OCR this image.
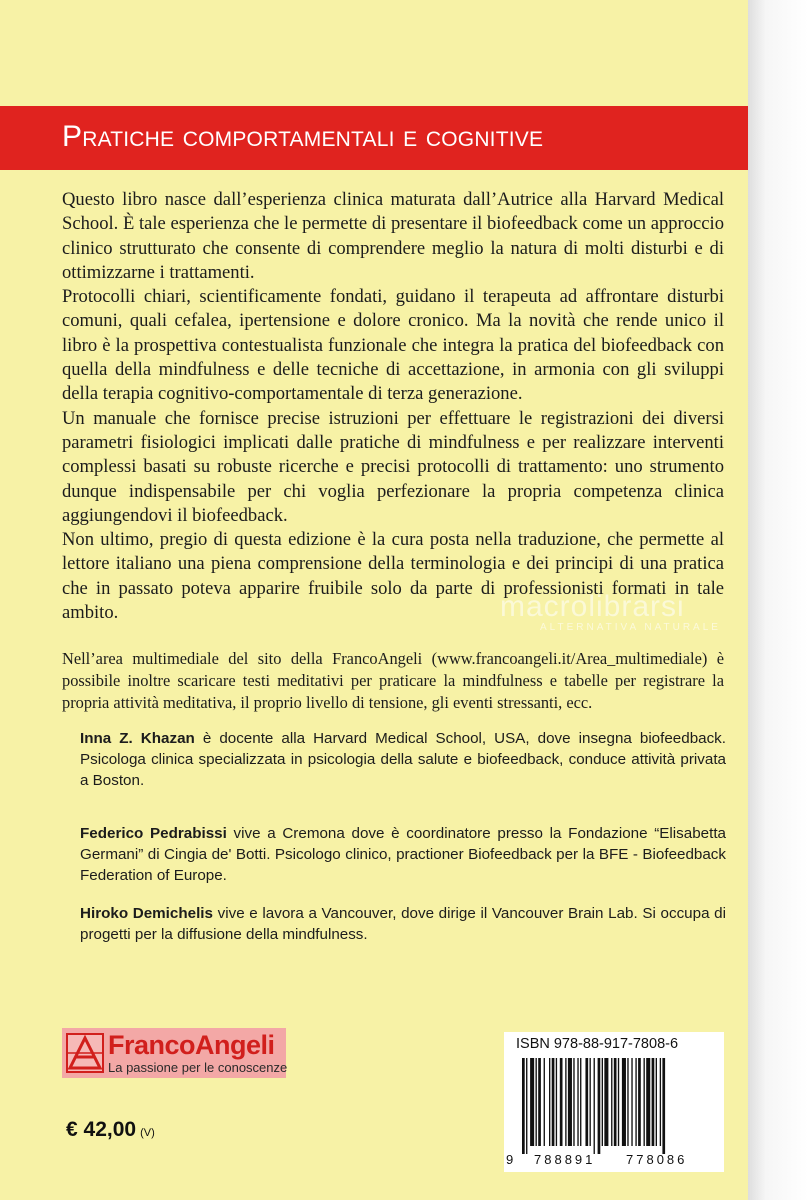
Pratiche comportamentali e cognitive

Questo libro nasce dall’esperienza clinica maturata dall’Autrice alla Harvard Medical School. È tale esperienza che le permette di presentare il biofeedback come un approccio clinico strutturato che consente di comprendere meglio la natura di molti disturbi e di ottimizzarne i trattamenti.

Protocolli chiari, scientificamente fondati, guidano il terapeuta ad affrontare disturbi comuni, quali cefalea, ipertensione e dolore cronico. Ma la novità che rende unico il libro è la prospettiva contestualista funzionale che integra la pratica del biofeedback con quella della mindfulness e delle tecniche di accettazione, in armonia con gli sviluppi della terapia cognitivo-comportamentale di terza generazione.

Un manuale che fornisce precise istruzioni per effettuare le registrazioni dei diversi parametri fisiologici implicati dalle pratiche di mindfulness e per realizzare interventi complessi basati su robuste ricerche e precisi protocolli di trattamento: uno strumento dunque indispensabile per chi voglia perfezionare la propria competenza clinica aggiungendovi il biofeedback.

Non ultimo, pregio di questa edizione è la cura posta nella traduzione, che permette al lettore italiano una piena comprensione della terminologia e dei principi di una pratica che in passato poteva apparire fruibile solo da parte di professionisti formati in tale ambito.	macrolibrarsi
ALTERNATIVA NATURALE
Nell’area multimediale del sito della FrancoAngeli (www.francoangeli.it/Area_multimediale) è possibile inoltre scaricare testi meditativi per praticare la mindfulness e tabelle per registrare la propria attività meditativa, il proprio livello di tensione, gli eventi stressanti, ecc.
Inna Z. Khazan è docente alla Harvard Medical School, USA, dove insegna biofeedback. Psicologa clinica specializzata in psicologia della salute e biofeedback, conduce attività privata a Boston.
Federico Pedrabissi vive a Cremona dove è coordinatore presso la Fondazione “Elisabetta Germani” di Cingia de' Botti. Psicologo clinico, practioner Biofeedback per la BFE - Biofeedback Federation of Europe.
Hiroko Demichelis vive e lavora a Vancouver, dove dirige il Vancouver Brain Lab. Si occupa di progetti per la diffusione della mindfulness.
FrancoAngeli
La passione per le conoscenze
€ 42,00 (V)
ISBN 978-88-917-7808-6
9 788891 778086
